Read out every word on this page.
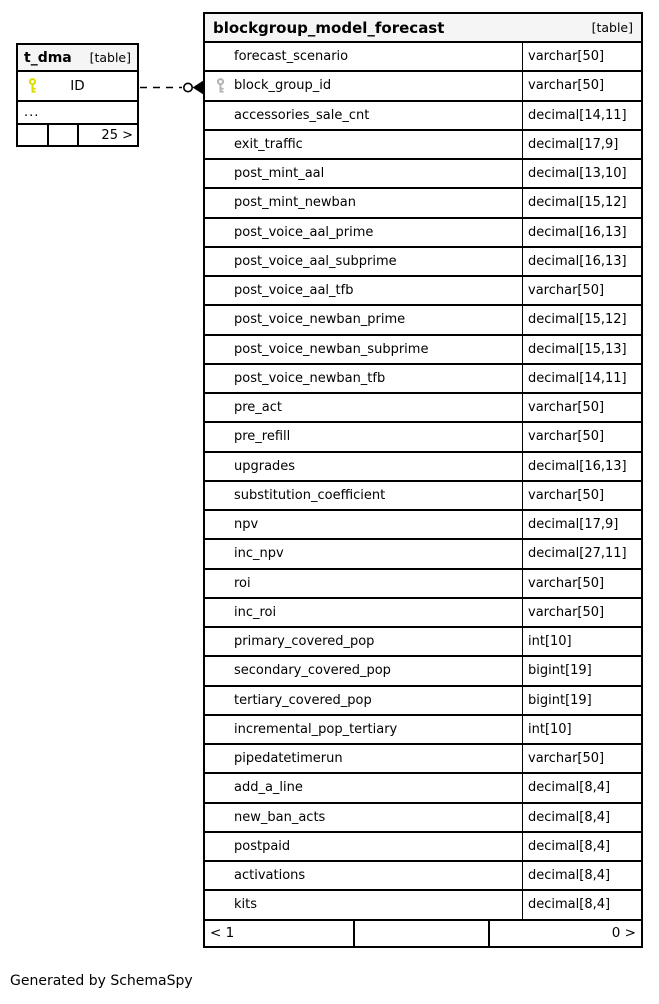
t_dma [table]
ID
...
25 >
blockgroup_model_forecast	[table]
forecast_scenario	varchar[50]
block_group_id	varchar[50]
accessories_sale_cnt	decimal[14,11]
exit_traffic	decimal[17,9]
post_mint_aal	decimal[13,10]
post_mint_newban	decimal[15,12]
post_voice_aal_prime	decimal[16,13]
post_voice_aal_subprime	decimal[16,13]
post_voice_aal_tfb	varchar[50]
post_voice_newban_prime	decimal[15,12]
post_voice_newban_subprime	decimal[15,13]
post_voice_newban_tfb	decimal[14,11]
pre_act	varchar[50]
pre_refill	varchar[50]
upgrades	decimal[16,13]
substitution_coefficient	varchar[50]
npv	decimal[17,9]
inc_npv	decimal[27,11]
roi	varchar[50]
inc_roi	varchar[50]
primary_covered_pop	int[10]
secondary_covered_pop	bigint[19]
tertiary_covered_pop	bigint[19]
incremental_pop_tertiary	int[10]
pipedatetimerun	varchar[50]
add_a_line	decimal[8,4]
new_ban_acts	decimal[8,4]
postpaid	decimal[8,4]
activations	decimal[8,4]
kits	decimal[8,4]
< 1	0 >
Generated by SchemaSpy
